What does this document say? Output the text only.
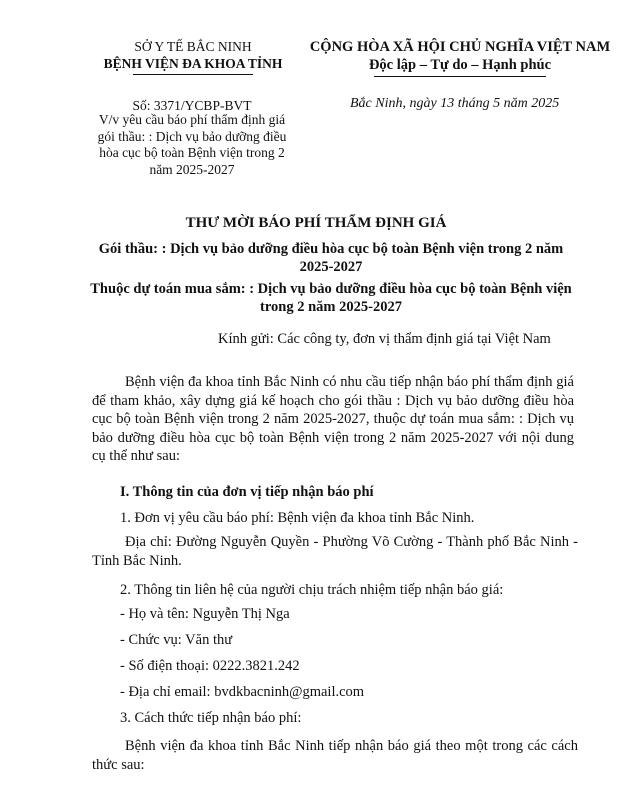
SỞ Y TẾ BẮC NINH
BỆNH VIỆN ĐA KHOA TỈNH
CỘNG HÒA XÃ HỘI CHỦ NGHĨA VIỆT NAM
Độc lập – Tự do – Hạnh phúc
Số: 3371/YCBP-BVT
V/v yêu cầu báo phí thẩm định giá gói thầu: : Dịch vụ bảo dưỡng điều hòa cục bộ toàn Bệnh viện trong 2 năm 2025-2027
Bắc Ninh, ngày 13 tháng 5 năm 2025
THƯ MỜI BÁO PHÍ THẨM ĐỊNH GIÁ
Gói thầu: : Dịch vụ bảo dưỡng điều hòa cục bộ toàn Bệnh viện trong 2 năm 2025-2027
Thuộc dự toán mua sắm: : Dịch vụ bảo dưỡng điều hòa cục bộ toàn Bệnh viện trong 2 năm 2025-2027
Kính gửi: Các công ty, đơn vị thẩm định giá tại Việt Nam
Bệnh viện đa khoa tỉnh Bắc Ninh có nhu cầu tiếp nhận báo phí thẩm định giá để tham khảo, xây dựng giá kế hoạch cho gói thầu : Dịch vụ bảo dưỡng điều hòa cục bộ toàn Bệnh viện trong 2 năm 2025-2027, thuộc dự toán mua sắm: : Dịch vụ bảo dưỡng điều hòa cục bộ toàn Bệnh viện trong 2 năm 2025-2027 với nội dung cụ thể như sau:
I. Thông tin của đơn vị tiếp nhận báo phí
1. Đơn vị yêu cầu báo phí: Bệnh viện đa khoa tỉnh Bắc Ninh.
Địa chỉ: Đường Nguyễn Quyền - Phường Võ Cường - Thành phố Bắc Ninh - Tỉnh Bắc Ninh.
2. Thông tin liên hệ của người chịu trách nhiệm tiếp nhận báo giá:
- Họ và tên: Nguyễn Thị Nga
- Chức vụ: Văn thư
- Số điện thoại: 0222.3821.242
- Địa chỉ email: bvdkbacninh@gmail.com
3. Cách thức tiếp nhận báo phí:
Bệnh viện đa khoa tỉnh Bắc Ninh tiếp nhận báo giá theo một trong các cách thức sau:
